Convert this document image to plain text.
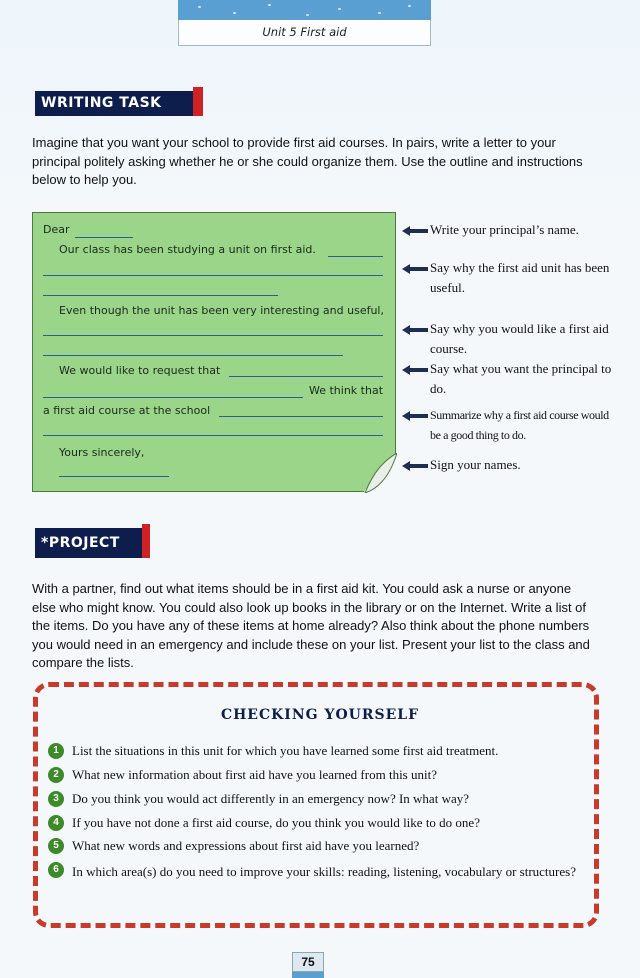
Unit 5 First aid
WRITING TASK

Imagine that you want your school to provide first aid courses. In pairs, write a letter to your principal politely asking whether he or she could organize them. Use the outline and instructions below to help you.

Dear
Our class has been studying a unit on first aid.
Even though the unit has been very interesting and useful,
We would like to request that
We think that
a first aid course at the school
Yours sincerely,
Write your principal’s name.
Say why the first aid unit has been useful.
Say why you would like a first aid course.
Say what you want the principal to do.
Summarize why a first aid course would be a good thing to do.
Sign your names.
*PROJECT

With a partner, find out what items should be in a first aid kit. You could ask a nurse or anyone else who might know. You could also look up books in the library or on the Internet. Write a list of the items. Do you have any of these items at home already? Also think about the phone numbers you would need in an emergency and include these on your list. Present your list to the class and compare the lists.

CHECKING YOURSELF
1	List the situations in this unit for which you have learned some first aid treatment.
2	What new information about first aid have you learned from this unit?
3	Do you think you would act differently in an emergency now? In what way?
4	If you have not done a first aid course, do you think you would like to do one?
5	What new words and expressions about first aid have you learned?
6	In which area(s) do you need to improve your skills: reading, listening, vocabulary or structures?
75
